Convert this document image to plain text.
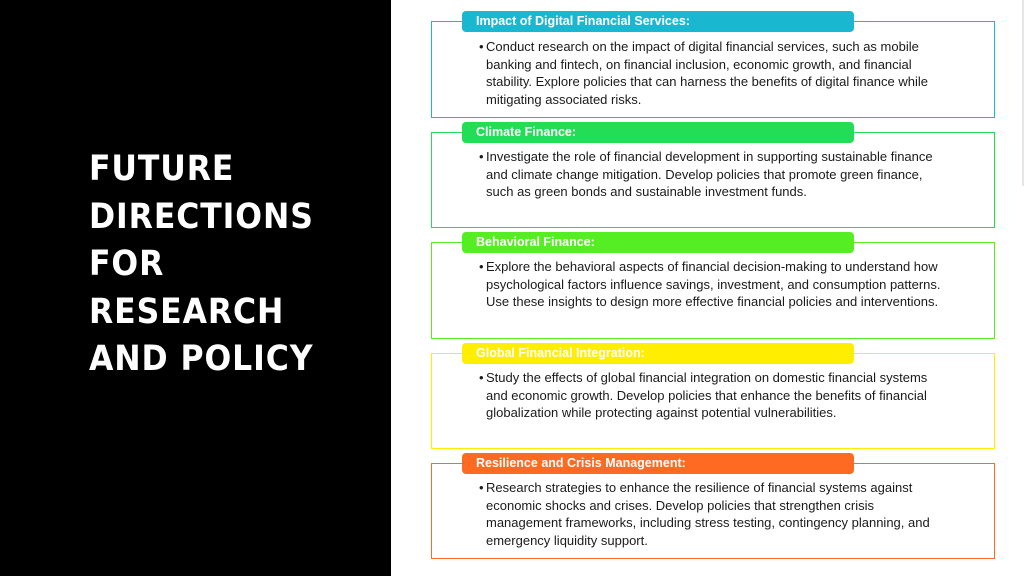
FUTURE DIRECTIONS FOR RESEARCH AND POLICY
Impact of Digital Financial Services:
• Conduct research on the impact of digital financial services, such as mobile banking and fintech, on financial inclusion, economic growth, and financial stability. Explore policies that can harness the benefits of digital finance while mitigating associated risks.
Climate Finance:
• Investigate the role of financial development in supporting sustainable finance and climate change mitigation. Develop policies that promote green finance, such as green bonds and sustainable investment funds.
Behavioral Finance:
• Explore the behavioral aspects of financial decision-making to understand how psychological factors influence savings, investment, and consumption patterns. Use these insights to design more effective financial policies and interventions.
Global Financial Integration:
• Study the effects of global financial integration on domestic financial systems and economic growth. Develop policies that enhance the benefits of financial globalization while protecting against potential vulnerabilities.
Resilience and Crisis Management:
• Research strategies to enhance the resilience of financial systems against economic shocks and crises. Develop policies that strengthen crisis management frameworks, including stress testing, contingency planning, and emergency liquidity support.
